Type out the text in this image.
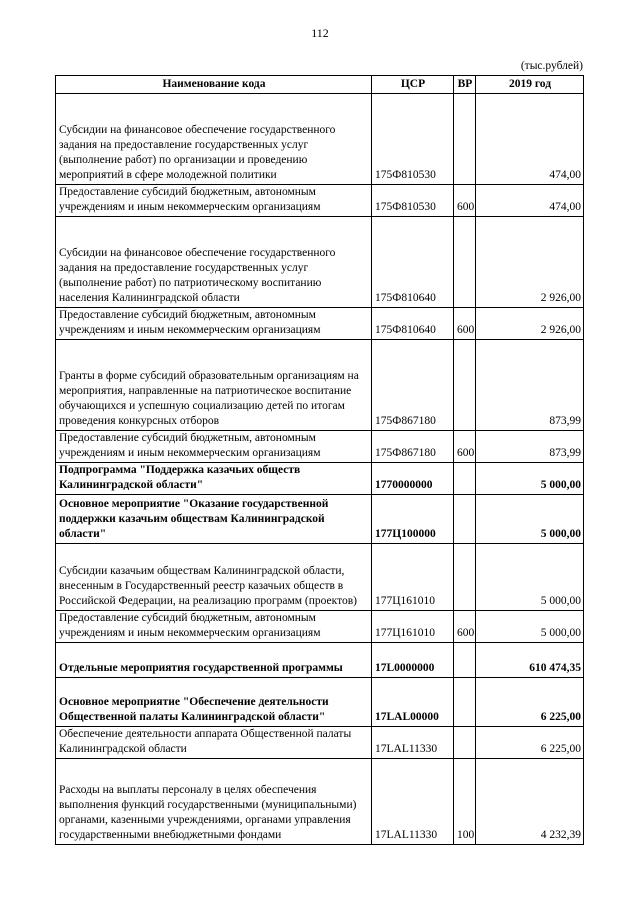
112
(тыс.рублей)
Наименование кода	ЦСР	ВР	2019 год
Субсидии на финансовое обеспечение государственного задания на предоставление государственных услуг (выполнение работ) по организации и проведению мероприятий в сфере молодежной политики	175Ф810530		474,00
Предоставление субсидий бюджетным, автономным учреждениям и иным некоммерческим организациям	175Ф810530	600	474,00
Субсидии на финансовое обеспечение государственного задания на предоставление государственных услуг (выполнение работ) по патриотическому воспитанию населения Калининградской области	175Ф810640		2 926,00
Предоставление субсидий бюджетным, автономным учреждениям и иным некоммерческим организациям	175Ф810640	600	2 926,00
Гранты в форме субсидий образовательным организациям на мероприятия, направленные на патриотическое воспитание обучающихся и успешную социализацию детей по итогам проведения конкурсных отборов	175Ф867180		873,99
Предоставление субсидий бюджетным, автономным учреждениям и иным некоммерческим организациям	175Ф867180	600	873,99
Подпрограмма "Поддержка казачьих обществ Калининградской области"	1770000000		5 000,00
Основное мероприятие "Оказание государственной поддержки казачьим обществам Калининградской области"	177Ц100000		5 000,00
Субсидии казачьим обществам Калининградской области, внесенным в Государственный реестр казачьих обществ в Российской Федерации, на реализацию программ (проектов)	177Ц161010		5 000,00
Предоставление субсидий бюджетным, автономным учреждениям и иным некоммерческим организациям	177Ц161010	600	5 000,00
Отдельные мероприятия государственной программы	17L0000000		610 474,35
Основное мероприятие "Обеспечение деятельности Общественной палаты Калининградской области"	17LAL00000		6 225,00
Обеспечение деятельности аппарата Общественной палаты Калининградской области	17LAL11330		6 225,00
Расходы на выплаты персоналу в целях обеспечения выполнения функций государственными (муниципальными) органами, казенными учреждениями, органами управления государственными внебюджетными фондами	17LAL11330	100	4 232,39
